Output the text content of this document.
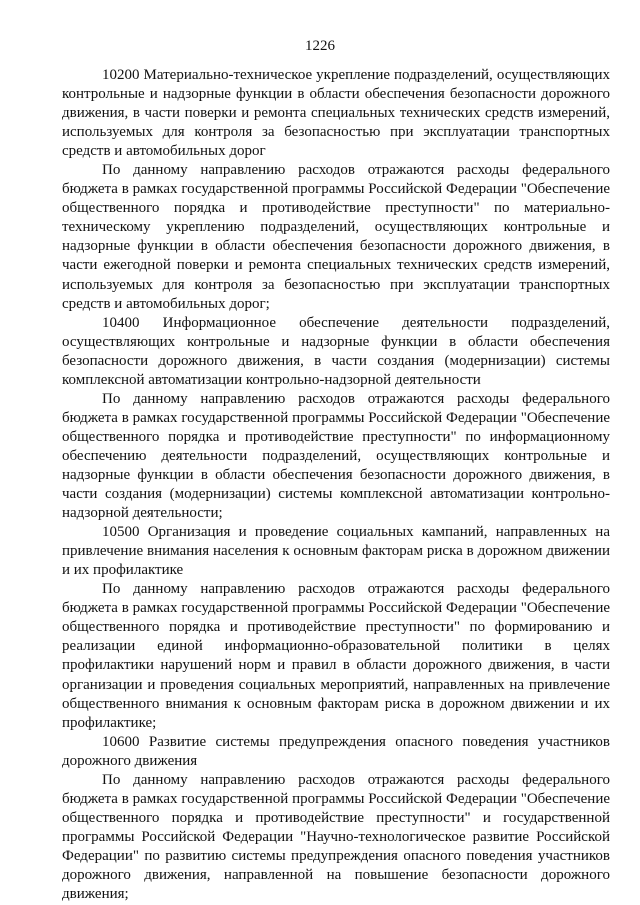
1226

10200 Материально-техническое укрепление подразделений, осуществляющих контрольные и надзорные функции в области обеспечения безопасности дорожного движения, в части поверки и ремонта специальных технических средств измерений, используемых для контроля за безопасностью при эксплуатации транспортных средств и автомобильных дорог

По данному направлению расходов отражаются расходы федерального бюджета в рамках государственной программы Российской Федерации "Обеспечение общественного порядка и противодействие преступности" по материально-техническому укреплению подразделений, осуществляющих контрольные и надзорные функции в области обеспечения безопасности дорожного движения, в части ежегодной поверки и ремонта специальных технических средств измерений, используемых для контроля за безопасностью при эксплуатации транспортных средств и автомобильных дорог;

10400 Информационное обеспечение деятельности подразделений, осуществляющих контрольные и надзорные функции в области обеспечения безопасности дорожного движения, в части создания (модернизации) системы комплексной автоматизации контрольно-надзорной деятельности

По данному направлению расходов отражаются расходы федерального бюджета в рамках государственной программы Российской Федерации "Обеспечение общественного порядка и противодействие преступности" по информационному обеспечению деятельности подразделений, осуществляющих контрольные и надзорные функции в области обеспечения безопасности дорожного движения, в части создания (модернизации) системы комплексной автоматизации контрольно-надзорной деятельности;

10500 Организация и проведение социальных кампаний, направленных на привлечение внимания населения к основным факторам риска в дорожном движении и их профилактике

По данному направлению расходов отражаются расходы федерального бюджета в рамках государственной программы Российской Федерации "Обеспечение общественного порядка и противодействие преступности" по формированию и реализации единой информационно-образовательной политики в целях профилактики нарушений норм и правил в области дорожного движения, в части организации и проведения социальных мероприятий, направленных на привлечение общественного внимания к основным факторам риска в дорожном движении и их профилактике;

10600 Развитие системы предупреждения опасного поведения участников дорожного движения

По данному направлению расходов отражаются расходы федерального бюджета в рамках государственной программы Российской Федерации "Обеспечение общественного порядка и противодействие преступности" и государственной программы Российской Федерации "Научно-технологическое развитие Российской Федерации" по развитию системы предупреждения опасного поведения участников дорожного движения, направленной на повышение безопасности дорожного движения;
